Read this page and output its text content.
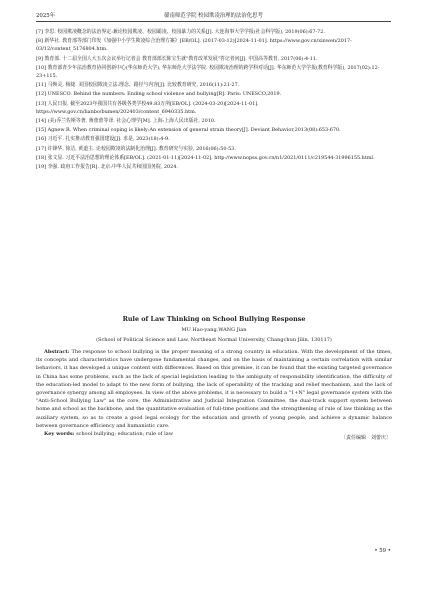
2025年	赣南师范学院 校园欺凌治理的法治化思考
[7] 李思. 校园欺凌概念的法治界定:兼论校园欺凌、校园霸凌、校园暴力的关系[J]. 大连海事大学学报(社会科学版), 2019(06):67-72.
[8] 新华社. 教育部等部门印发《加强中小学生欺凌综合治理方案》[EB/OL]. (2017-03-12)[2024-11-01]. https://www.gov.cn/xinwen/2017-03/12/content_5176804.htm.
[9] 教育部. 十二届全国人大五次会议举行记者会 教育部部长陈宝生就"教育改革发展"答记者问[J]. 中国高等教育, 2017(06):4-11.
[10] 教育部青少年法治教育协同创新中心(华东师范大学), 华东师范大学法学院. 校园欺凌治理的跨学科对话[J]. 华东师范大学学报(教育科学版), 2017(02):12-23+115.
[11] 马焕灵, 杨婕. 美国校园欺凌立法:理念、路径与内容[J]. 比较教育研究, 2016(11):21-27.
[12] UNESCO. Behind the numbers: Ending school violence and bullying[R]. Paris: UNESCO,2019.
[13] 人民日报. 截至2023年我国共有各级各类学校49.83万所[EB/OL]. (2024-03-20)[2024-11-01]. https://www.gov.cn/lianbo/bumen/202403/content_6940335.htm.
[14] (美)乔兰佐斯等著, 蒋蕾蕾等译. 社会心理学[M]. 上海:上海人民出版社, 2010.
[15] Agnew R. When criminal coping is likely:An extension of general strain theory[J]. Deviant Behavior,2013(08):653-670.
[16] 习近平. 扎实推动教育强国建设[J]. 求是, 2023(18):4-9.
[17] 许锋华, 徐洁, 黄道主. 论校园欺凌的法制化治理[J]. 教育研究与实验, 2016(06):50-53.
[18] 张文显. 习近平法治思想的理论体系[EB/OL]. (2021-01-11)[2024-11-02]. http://www.nopss.gov.cn/n1/2021/0111/c219544-31996155.html.
[19] 李强. 政府工作报告[R]. 北京:中华人民共和国国务院, 2024.
Rule of Law Thinking on School Bullying Response
MU Hao-yang,WANG Jian
(School of Political Science and Law, Northeast Normal University, Changchun Jilin, 130117)
Abstract: The response to school bullying is the proper meaning of a strong country in education. With the development of the times, its concepts and characteristics have undergone fundamental changes, and on the basis of maintaining a certain correlation with similar behaviors, it has developed a unique content with differences. Based on this premise, it can be found that the existing targeted governance in China has some problems, such as the lack of special legislation leading to the ambiguity of responsibility identification, the difficulty of the education-led model to adapt to the new form of bullying, the lack of operability of the tracking and relief mechanism, and the lack of governance synergy among all employees. In view of the above problems, it is necessary to build a "1+N" legal governance system with the "Anti-School Bullying Law" as the core, the Administrative and Judicial Integration Committee, the dual-track support system between home and school as the backbone, and the quantitative evaluation of full-time positions and the strengthening of rule of law thinking as the auxiliary system, so as to create a good legal ecology for the education and growth of young people, and achieve a dynamic balance between governance efficiency and humanistic care.
Key words: school bullying; education; rule of law
〔责任编辑　刘蕾庆〕
• 59 •
